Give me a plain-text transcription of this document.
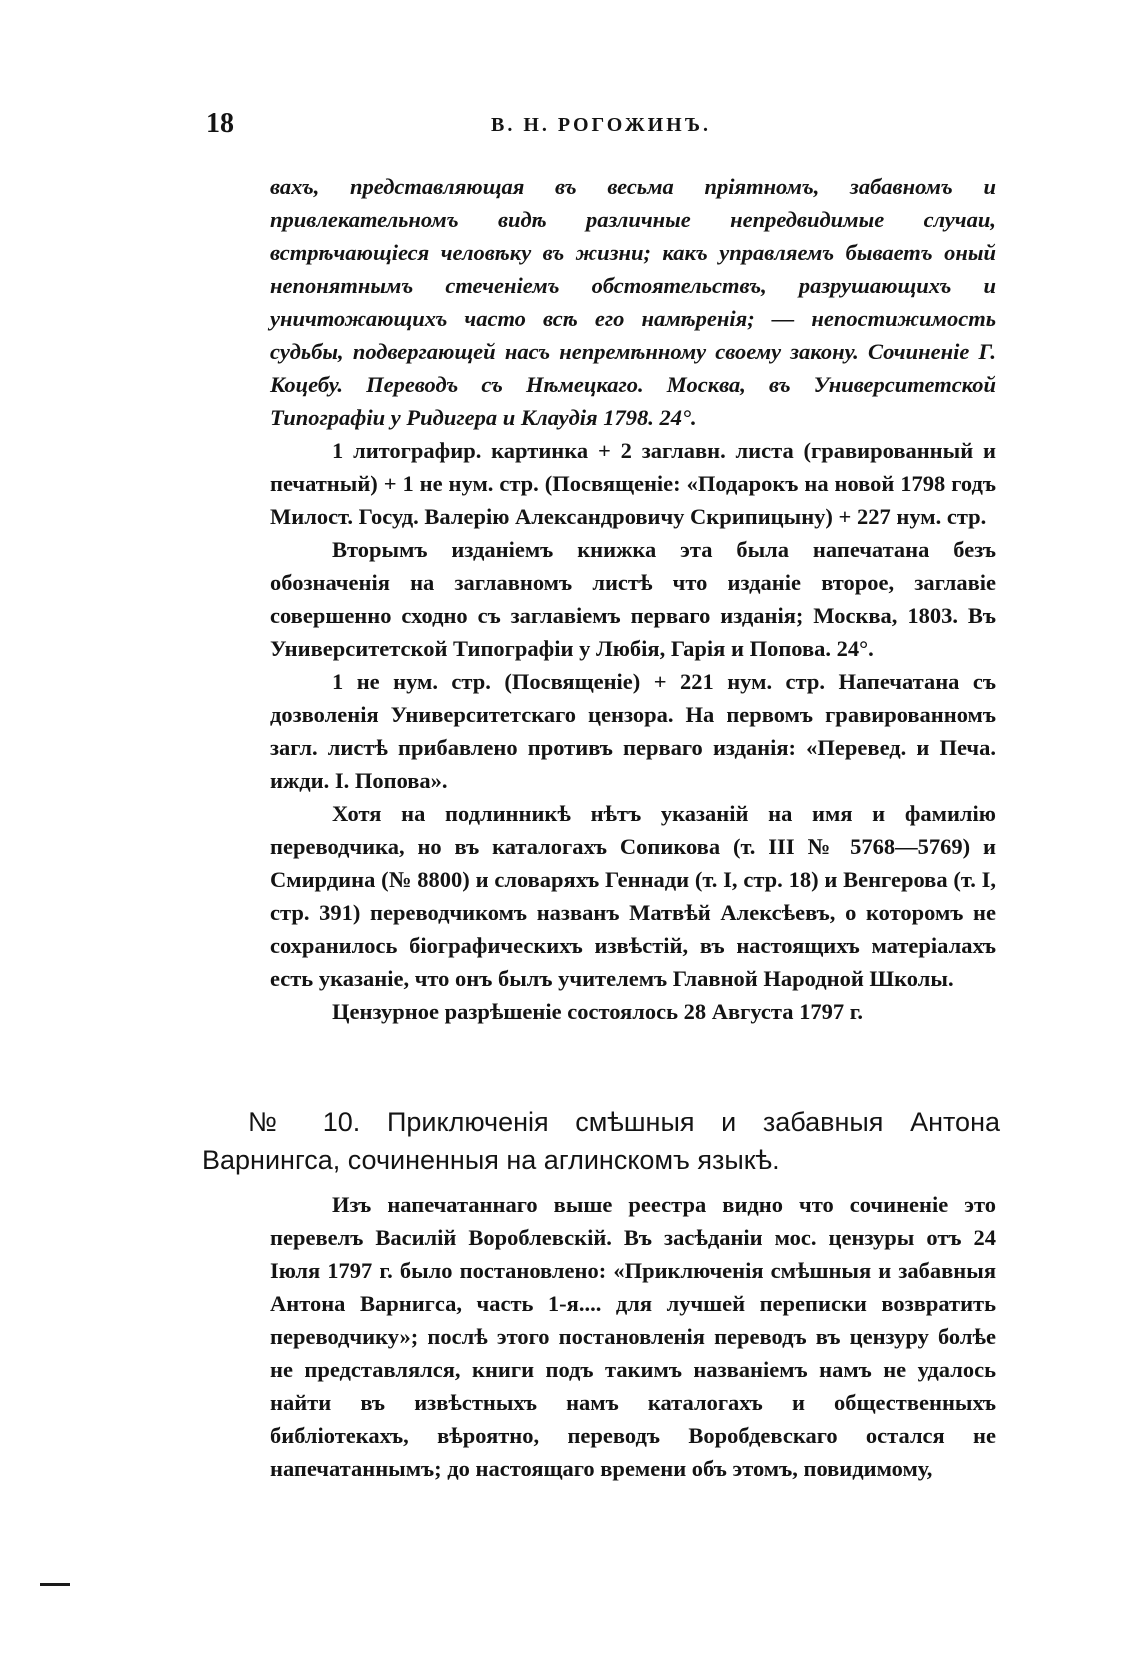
18	В. Н. РОГОЖИНЪ.

вахъ, представляющая въ весьма прiятномъ, забавномъ и привлекательномъ видѣ различные непредвидимые случаи, встрѣчающiеся человѣку въ жизни; какъ управляемъ бываетъ оный непонятнымъ стеченiемъ обстоятельствъ, разрушающихъ и уничтожающихъ часто всѣ его намѣренiя; — непостижимость судьбы, подвергающей насъ непремѣнному своему закону. Сочиненiе Г. Коцебу. Переводъ съ Нѣмецкаго. Москва, въ Университетской Типографiи у Ридигера и Клаудiя 1798. 24°.

1 литографир. картинка + 2 заглавн. листа (гравированный и печатный) + 1 не нум. стр. (Посвященiе: «Подарокъ на новой 1798 годъ Милост. Госуд. Валерiю Александровичу Скрипицыну) + 227 нум. стр.

Вторымъ изданiемъ книжка эта была напечатана безъ обозначенiя на заглавномъ листѣ что изданiе второе, заглавiе совершенно сходно съ заглавiемъ перваго изданiя; Москва, 1803. Въ Университетской Типографiи у Любiя, Гарiя и Попова. 24°.

1 не нум. стр. (Посвященiе) + 221 нум. стр. Напечатана съ дозволенiя Университетскаго цензора. На первомъ гравированномъ загл. листѣ прибавлено противъ перваго изданiя: «Перевед. и Печа. ижди. I. Попова».

Хотя на подлинникѣ нѣтъ указанiй на имя и фамилiю переводчика, но въ каталогахъ Сопикова (т. III № 5768—5769) и Смирдина (№ 8800) и словаряхъ Геннади (т. I, стр. 18) и Венгерова (т. I, стр. 391) переводчикомъ названъ Матвѣй Алексѣевъ, о которомъ не сохранилось бiографическихъ извѣстiй, въ настоящихъ матерiалахъ есть указанiе, что онъ былъ учителемъ Главной Народной Школы.

Цензурное разрѣшенiе состоялось 28 Августа 1797 г.

№ 10. Приключенiя смѣшныя и забавныя Антона Варнингса, сочиненныя на аглинскомъ языкѣ.

Изъ напечатаннаго выше реестра видно что сочиненiе это перевелъ Василiй Вороблевскiй. Въ засѣданiи мос. цензуры отъ 24 Iюля 1797 г. было постановлено: «Приключенiя смѣшныя и забавныя Антона Варнигса, часть 1-я.... для лучшей переписки возвратить переводчику»; послѣ этого постановленiя переводъ въ цензуру болѣе не представлялся, книги подъ такимъ названiемъ намъ не удалось найти въ извѣстныхъ намъ каталогахъ и общественныхъ библiотекахъ, вѣроятно, переводъ Воробдевскаго остался не напечатаннымъ; до настоящаго времени объ этомъ, повидимому,
